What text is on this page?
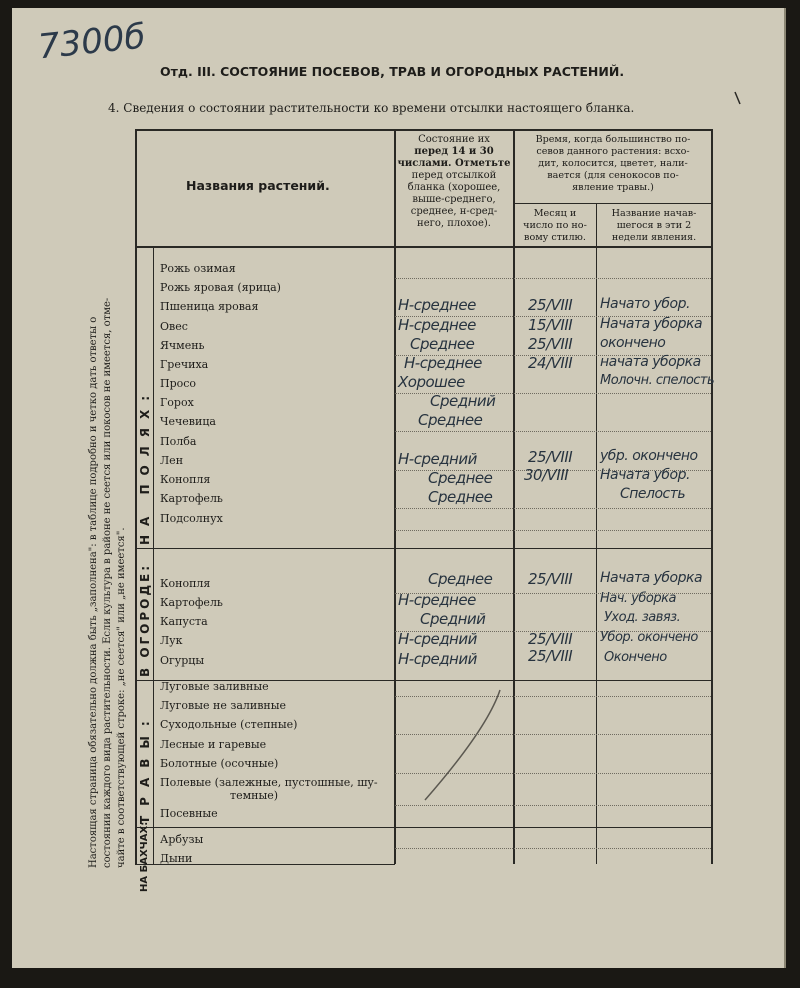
7300б
Отд. III. СОСТОЯНИЕ ПОСЕВОВ, ТРАВ И ОГОРОДНЫХ РАСТЕНИЙ.
4. Сведения о состоянии растительности ко времени отсылки настоящего бланка.
Настоящая страница обязательно должна быть „заполнена": в таблице подробно и четко дать ответы о состоянии каждого вида растительности. Если культура в районе не сеется или покосов не имеется, отме- чайте в соответствующей строке: „не сеется" или „не имеется".
Названия растений.
Состояние их
перед 14 и 30
числами. Отметьте
перед отсылкой
бланка (хорошее,
выше-среднего,
среднее, н-сред-
него, плохое).
Время, когда большинство по-
севов данного растения: всхо-
дит, колосится, цветет, нали-
вается (для сенокосов по-
явление травы.)
Месяц и
число по но-
вому стилю.
Название начав-
шегося в эти 2
недели явления.
НА ПОЛЯХ:
В ОГОРОДЕ:
ТРАВЫ:
НА БАХЧАХ:
Рожь озимая
Рожь яровая (ярица)
Пшеница яровая
Овес
Ячмень
Гречиха
Просо
Горох
Чечевица
Полба
Лен
Конопля
Картофель
Подсолнух
Конопля
Картофель
Капуста
Лук
Огурцы
Луговые заливные
Луговые не заливные
Суходольные (степные)
Лесные и гаревые
Болотные (осочные)
Полевые (залежные, пустошные, шу-
темные)
Посевные
Арбузы
Дыни
Н-среднее
Н-среднее
Среднее
Н-среднее
Хорошее
Средний
Среднее
Н-средний
Среднее
Среднее
Среднее
Н-среднее
Средний
Н-средний
Н-средний
25/VIII
15/VIII
25/VIII
24/VIII
25/VIII
30/VIII
25/VIII
25/VIII
25/VIII
Начато убор.
Начата уборка
окончено
начата уборка
Молочн. спелость
убр. окончено
Начата убор.
Спелость
Начата уборка
Нач. уборка
Уход. завяз.
Убор. окончено
Окончено
